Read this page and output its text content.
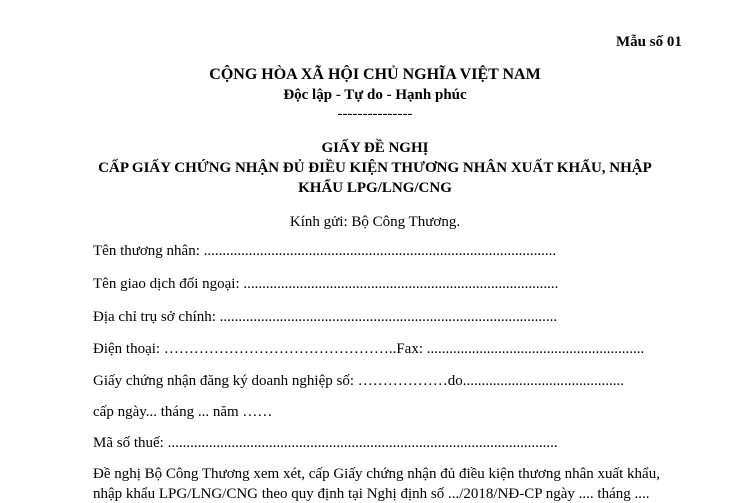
Mẫu số 01
CỘNG HÒA XÃ HỘI CHỦ NGHĨA VIỆT NAM
Độc lập - Tự do - Hạnh phúc
---------------
GIẤY ĐỀ NGHỊ
CẤP GIẤY CHỨNG NHẬN ĐỦ ĐIỀU KIỆN THƯƠNG NHÂN XUẤT KHẨU, NHẬP
KHẨU LPG/LNG/CNG
Kính gửi: Bộ Công Thương.
Tên thương nhân: ..............................................................................................
Tên giao dịch đối ngoại: ....................................................................................
Địa chỉ trụ sở chính: ..........................................................................................
Điện thoại: ………………………………………..Fax: ..........................................................
Giấy chứng nhận đăng ký doanh nghiệp số: ………………do...........................................
cấp ngày... tháng ... năm ……
Mã số thuế: ........................................................................................................
Đề nghị Bộ Công Thương xem xét, cấp Giấy chứng nhận đủ điều kiện thương nhân xuất khẩu,
nhập khẩu LPG/LNG/CNG theo quy định tại Nghị định số .../2018/NĐ-CP ngày .... tháng ....
